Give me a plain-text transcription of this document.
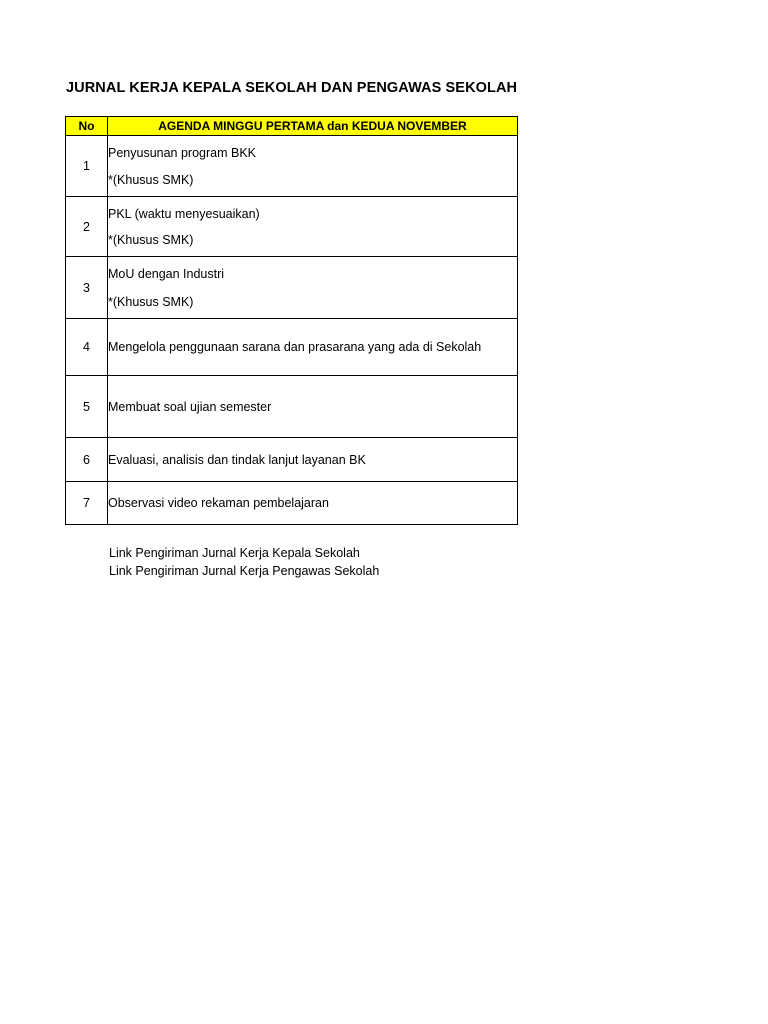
JURNAL KERJA KEPALA SEKOLAH DAN PENGAWAS SEKOLAH
No	AGENDA MINGGU PERTAMA dan KEDUA NOVEMBER
1	Penyusunan program BKK
*(Khusus SMK)

2	PKL (waktu menyesuaikan)
*(Khusus SMK)

3	MoU dengan Industri
*(Khusus SMK)

4	Mengelola penggunaan sarana dan prasarana yang ada di Sekolah
5	Membuat soal ujian semester
6	Evaluasi, analisis dan tindak lanjut layanan BK
7	Observasi video rekaman pembelajaran
Link Pengiriman Jurnal Kerja Kepala Sekolah
Link Pengiriman Jurnal Kerja Pengawas Sekolah
